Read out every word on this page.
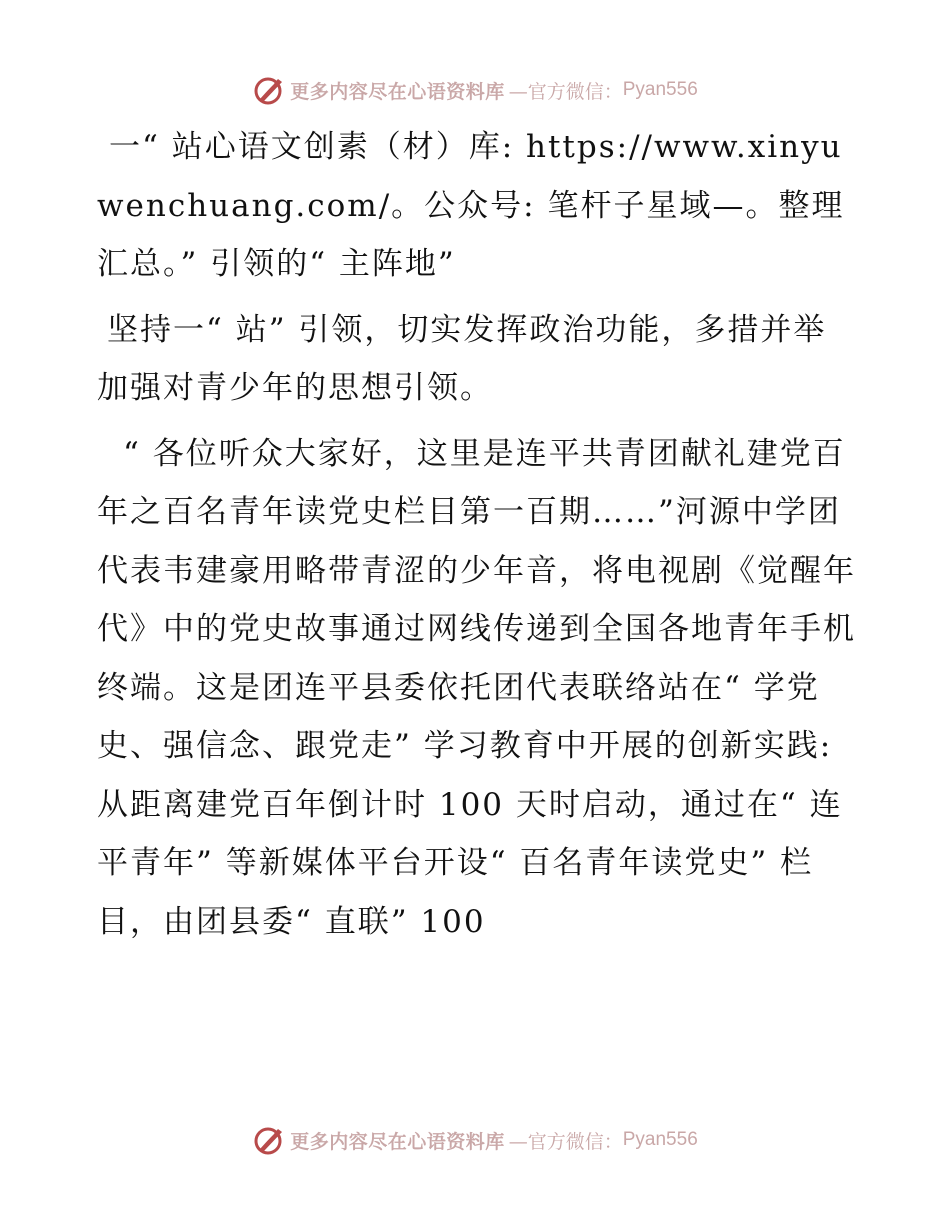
更多内容尽在心语资料库 —官方微信： Pyan556

一“ 站心语文创素（材）库: https://www.xinyuwenchuang.com/。公众号: 笔杆子星域—。整理汇总。” 引领的“ 主阵地”

坚持一“ 站” 引领，切实发挥政治功能，多措并举加强对青少年的思想引领。

“ 各位听众大家好，这里是连平共青团献礼建党百年之百名青年读党史栏目第一百期……”河源中学团代表韦建豪用略带青涩的少年音，将电视剧《觉醒年代》中的党史故事通过网线传递到全国各地青年手机终端。这是团连平县委依托团代表联络站在“ 学党史、强信念、跟党走” 学习教育中开展的创新实践: 从距离建党百年倒计时 100 天时启动，通过在“ 连平青年” 等新媒体平台开设“ 百名青年读党史” 栏目，由团县委“ 直联” 100

更多内容尽在心语资料库 —官方微信： Pyan556
